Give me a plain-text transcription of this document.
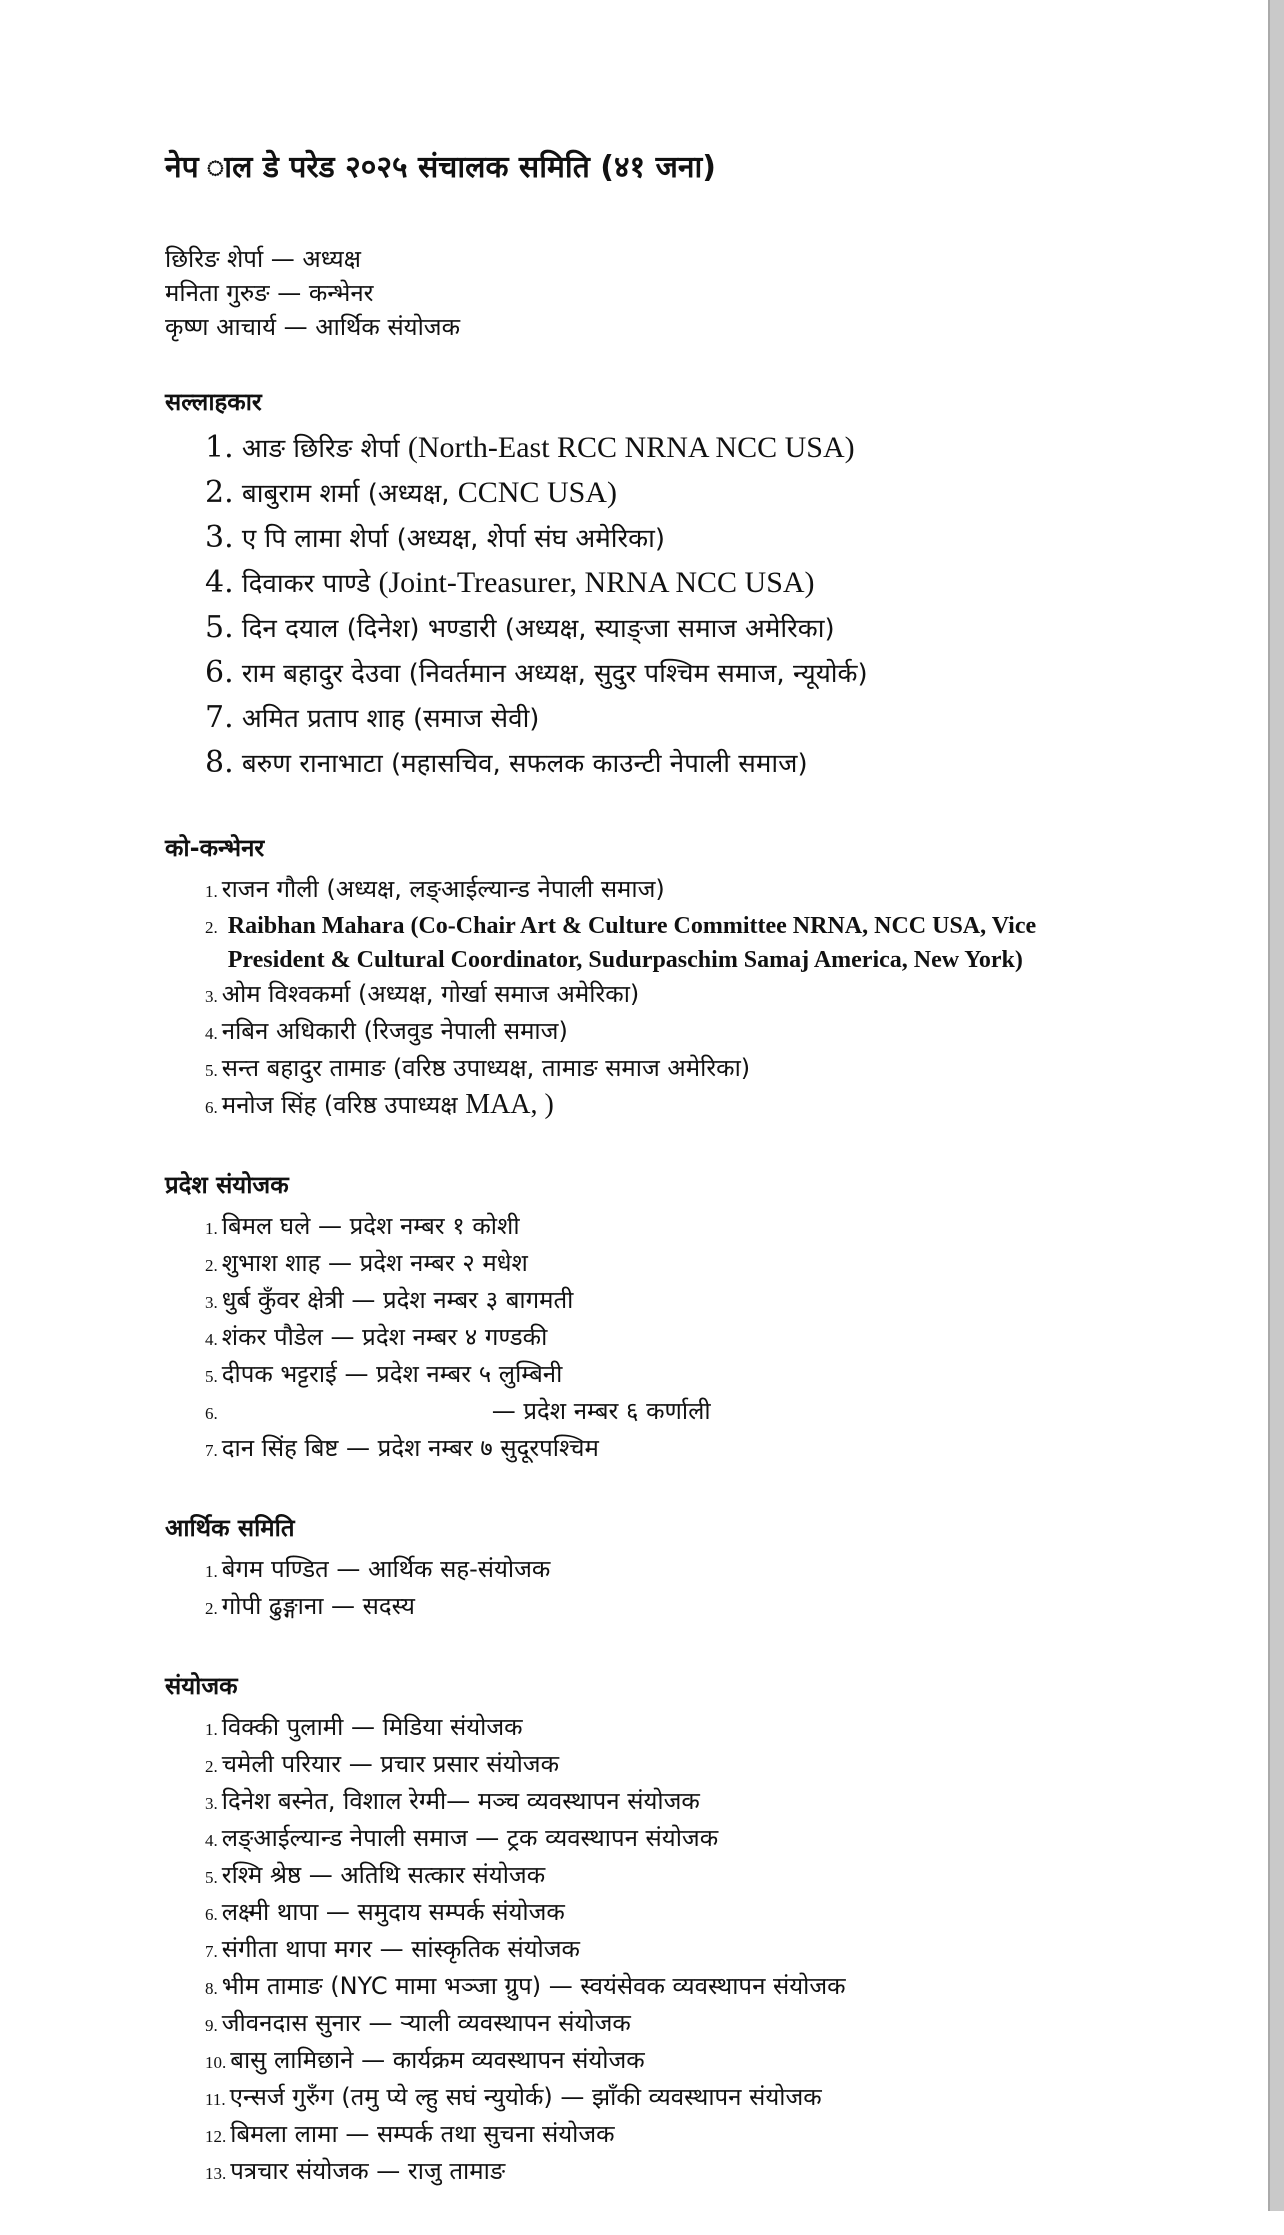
नेप ाल डे परेड २०२५ संचालक समिति (४१ जना)
छिरिङ शेर्पा — अध्यक्ष
मनिता गुरुङ — कन्भेनर
कृष्ण आचार्य — आर्थिक संयोजक
सल्लाहकार
1. आङ छिरिङ शेर्पा (North-East RCC NRNA NCC USA)
2. बाबुराम शर्मा (अध्यक्ष, CCNC USA)
3. ए पि लामा शेर्पा (अध्यक्ष, शेर्पा संघ अमेरिका)
4. दिवाकर पाण्डे (Joint-Treasurer, NRNA NCC USA)
5. दिन दयाल (दिनेश) भण्डारी (अध्यक्ष, स्याङ्जा समाज अमेरिका)
6. राम बहादुर देउवा (निवर्तमान अध्यक्ष, सुदुर पश्चिम समाज, न्यूयोर्क)
7. अमित प्रताप शाह (समाज सेवी)
8. बरुण रानाभाटा (महासचिव, सफलक काउन्टी नेपाली समाज)
को-कन्भेनर
1. राजन गौली (अध्यक्ष, लङ्आईल्यान्ड नेपाली समाज)
2. Raibhan Mahara (Co-Chair Art & Culture Committee NRNA, NCC USA, Vice President & Cultural Coordinator, Sudurpaschim Samaj America, New York)
3. ओम विश्वकर्मा (अध्यक्ष, गोर्खा समाज अमेरिका)
4. नबिन अधिकारी (रिजवुड नेपाली समाज)
5. सन्त बहादुर तामाङ (वरिष्ठ उपाध्यक्ष, तामाङ समाज अमेरिका)
6. मनोज सिंह (वरिष्ठ उपाध्यक्ष MAA, )
प्रदेश संयोजक
1. बिमल घले — प्रदेश नम्बर १ कोशी
2. शुभाश शाह — प्रदेश नम्बर २ मधेश
3. धुर्ब कुँवर क्षेत्री — प्रदेश नम्बर ३ बागमती
4. शंकर पौडेल — प्रदेश नम्बर ४ गण्डकी
5. दीपक भट्टराई — प्रदेश नम्बर ५ लुम्बिनी
6.	— प्रदेश नम्बर ६ कर्णाली
7. दान सिंह बिष्ट — प्रदेश नम्बर ७ सुदूरपश्चिम
आर्थिक समिति
1. बेगम पण्डित — आर्थिक सह-संयोजक
2. गोपी ढुङ्गाना — सदस्य
संयोजक
1. विक्की पुलामी — मिडिया संयोजक
2. चमेली परियार — प्रचार प्रसार संयोजक
3. दिनेश बस्नेत, विशाल रेग्मी— मञ्च व्यवस्थापन संयोजक
4. लङ्आईल्यान्ड नेपाली समाज — ट्रक व्यवस्थापन संयोजक
5. रश्मि श्रेष्ठ — अतिथि सत्कार संयोजक
6. लक्ष्मी थापा — समुदाय सम्पर्क संयोजक
7. संगीता थापा मगर — सांस्कृतिक संयोजक
8. भीम तामाङ (NYC मामा भञ्जा ग्रुप) — स्वयंसेवक व्यवस्थापन संयोजक
9. जीवनदास सुनार — ऱ्याली व्यवस्थापन संयोजक
10. बासु लामिछाने — कार्यक्रम व्यवस्थापन संयोजक
11. एन्सर्ज गुरुँग (तमु प्ये ल्हु सघं न्युयोर्क) — झाँकी व्यवस्थापन संयोजक
12. बिमला लामा — सम्पर्क तथा सुचना संयोजक
13. पत्रचार संयोजक — राजु तामाङ
